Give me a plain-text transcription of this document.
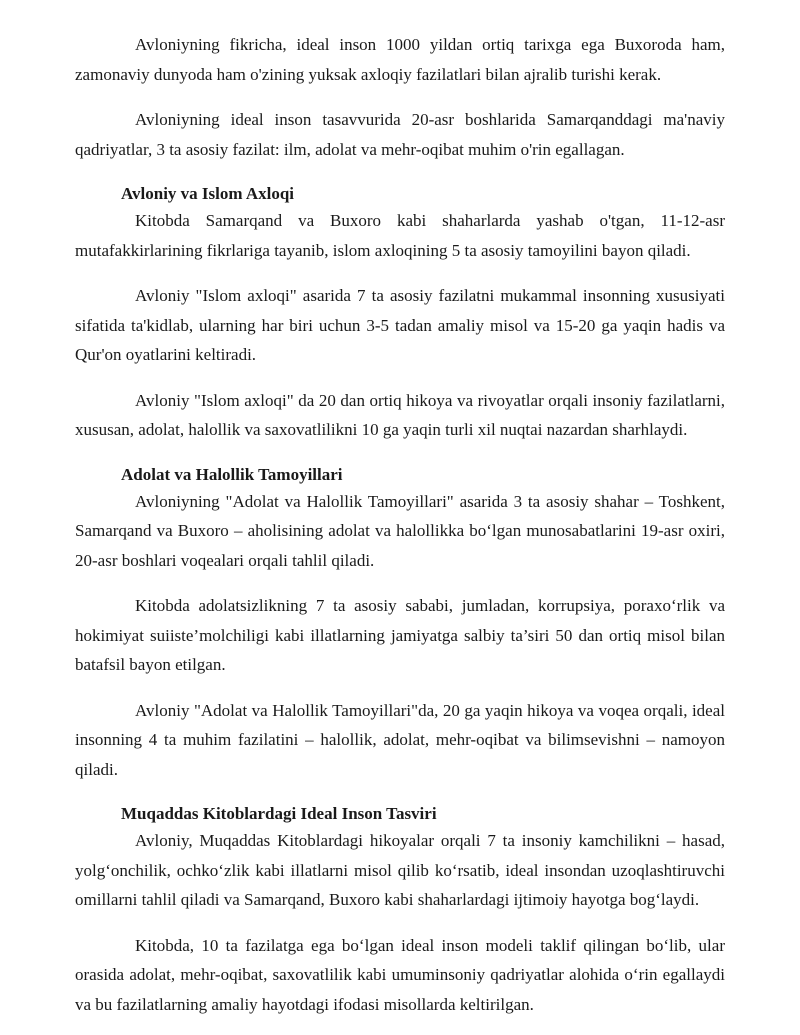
Avloniyning fikricha, ideal inson 1000 yildan ortiq tarixga ega Buxoroda ham, zamonaviy dunyoda ham o'zining yuksak axloqiy fazilatlari bilan ajralib turishi kerak.

Avloniyning ideal inson tasavvurida 20-asr boshlarida Samarqanddagi ma'naviy qadriyatlar, 3 ta asosiy fazilat: ilm, adolat va mehr-oqibat muhim o'rin egallagan.

Avloniy va Islom Axloqi

Kitobda Samarqand va Buxoro kabi shaharlarda yashab o'tgan, 11-12-asr mutafakkirlarining fikrlariga tayanib, islom axloqining 5 ta asosiy tamoyilini bayon qiladi.

Avloniy "Islom axloqi" asarida 7 ta asosiy fazilatni mukammal insonning xususiyati sifatida ta'kidlab, ularning har biri uchun 3-5 tadan amaliy misol va 15-20 ga yaqin hadis va Qur'on oyatlarini keltiradi.

Avloniy "Islom axloqi" da 20 dan ortiq hikoya va rivoyatlar orqali insoniy fazilatlarni, xususan, adolat, halollik va saxovatlilikni 10 ga yaqin turli xil nuqtai nazardan sharhlaydi.

Adolat va Halollik Tamoyillari

Avloniyning "Adolat va Halollik Tamoyillari" asarida 3 ta asosiy shahar – Toshkent, Samarqand va Buxoro – aholisining adolat va halollikka bo‘lgan munosabatlarini 19-asr oxiri, 20-asr boshlari voqealari orqali tahlil qiladi.

Kitobda adolatsizlikning 7 ta asosiy sababi, jumladan, korrupsiya, poraxo‘rlik va hokimiyat suiiste’molchiligi kabi illatlarning jamiyatga salbiy ta’siri 50 dan ortiq misol bilan batafsil bayon etilgan.

Avloniy "Adolat va Halollik Tamoyillari"da, 20 ga yaqin hikoya va voqea orqali, ideal insonning 4 ta muhim fazilatini – halollik, adolat, mehr-oqibat va bilimsevishni – namoyon qiladi.

Muqaddas Kitoblardagi Ideal Inson Tasviri

Avloniy, Muqaddas Kitoblardagi hikoyalar orqali 7 ta insoniy kamchilikni – hasad, yolg‘onchilik, ochko‘zlik kabi illatlarni misol qilib ko‘rsatib, ideal insondan uzoqlashtiruvchi omillarni tahlil qiladi va Samarqand, Buxoro kabi shaharlardagi ijtimoiy hayotga bog‘laydi.

Kitobda, 10 ta fazilatga ega bo‘lgan ideal inson modeli taklif qilingan bo‘lib, ular orasida adolat, mehr-oqibat, saxovatlilik kabi umuminsoniy qadriyatlar alohida o‘rin egallaydi va bu fazilatlarning amaliy hayotdagi ifodasi misollarda keltirilgan.
